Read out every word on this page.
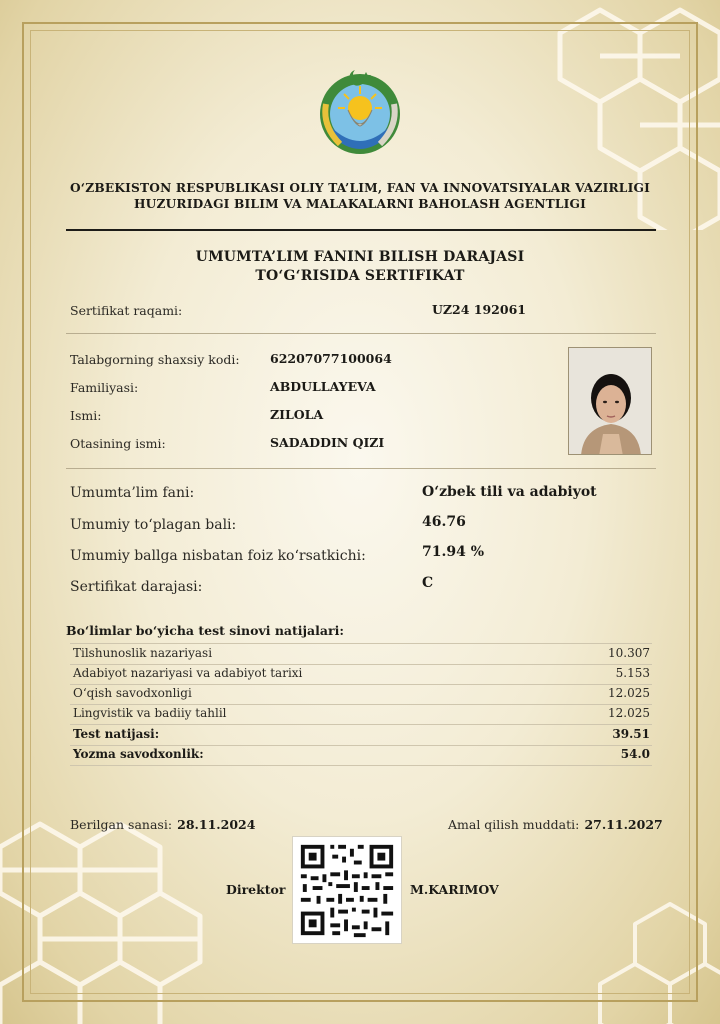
O‘ZBEKISTON RESPUBLIKASI OLIY TA’LIM, FAN VA INNOVATSIYALAR VAZIRLIGI
HUZURIDAGI BILIM VA MALAKALARNI BAHOLASH AGENTLIGI
UMUMTA’LIM FANINI BILISH DARAJASI
TO‘G‘RISIDA SERTIFIKAT
Sertifikat raqami:	UZ24 192061
Talabgorning shaxsiy kodi: 62207077100064
Familiyasi:	ABDULLAYEVA
Ismi:	ZILOLA
Otasining ismi:	SADADDIN QIZI
Umumta’lim fani:	O‘zbek tili va adabiyot
Umumiy to‘plagan bali:	46.76
Umumiy ballga nisbatan foiz ko‘rsatkichi:	71.94 %
Sertifikat darajasi:	C
Bo‘limlar bo‘yicha test sinovi natijalari:
Tilshunoslik nazariyasi	10.307
Adabiyot nazariyasi va adabiyot tarixi	5.153
O‘qish savodxonligi	12.025
Lingvistik va badiiy tahlil	12.025
Test natijasi:	39.51
Yozma savodxonlik:	54.0
Berilgan sanasi: 28.11.2024	Amal qilish muddati: 27.11.2027
Direktor	M.KARIMOV
